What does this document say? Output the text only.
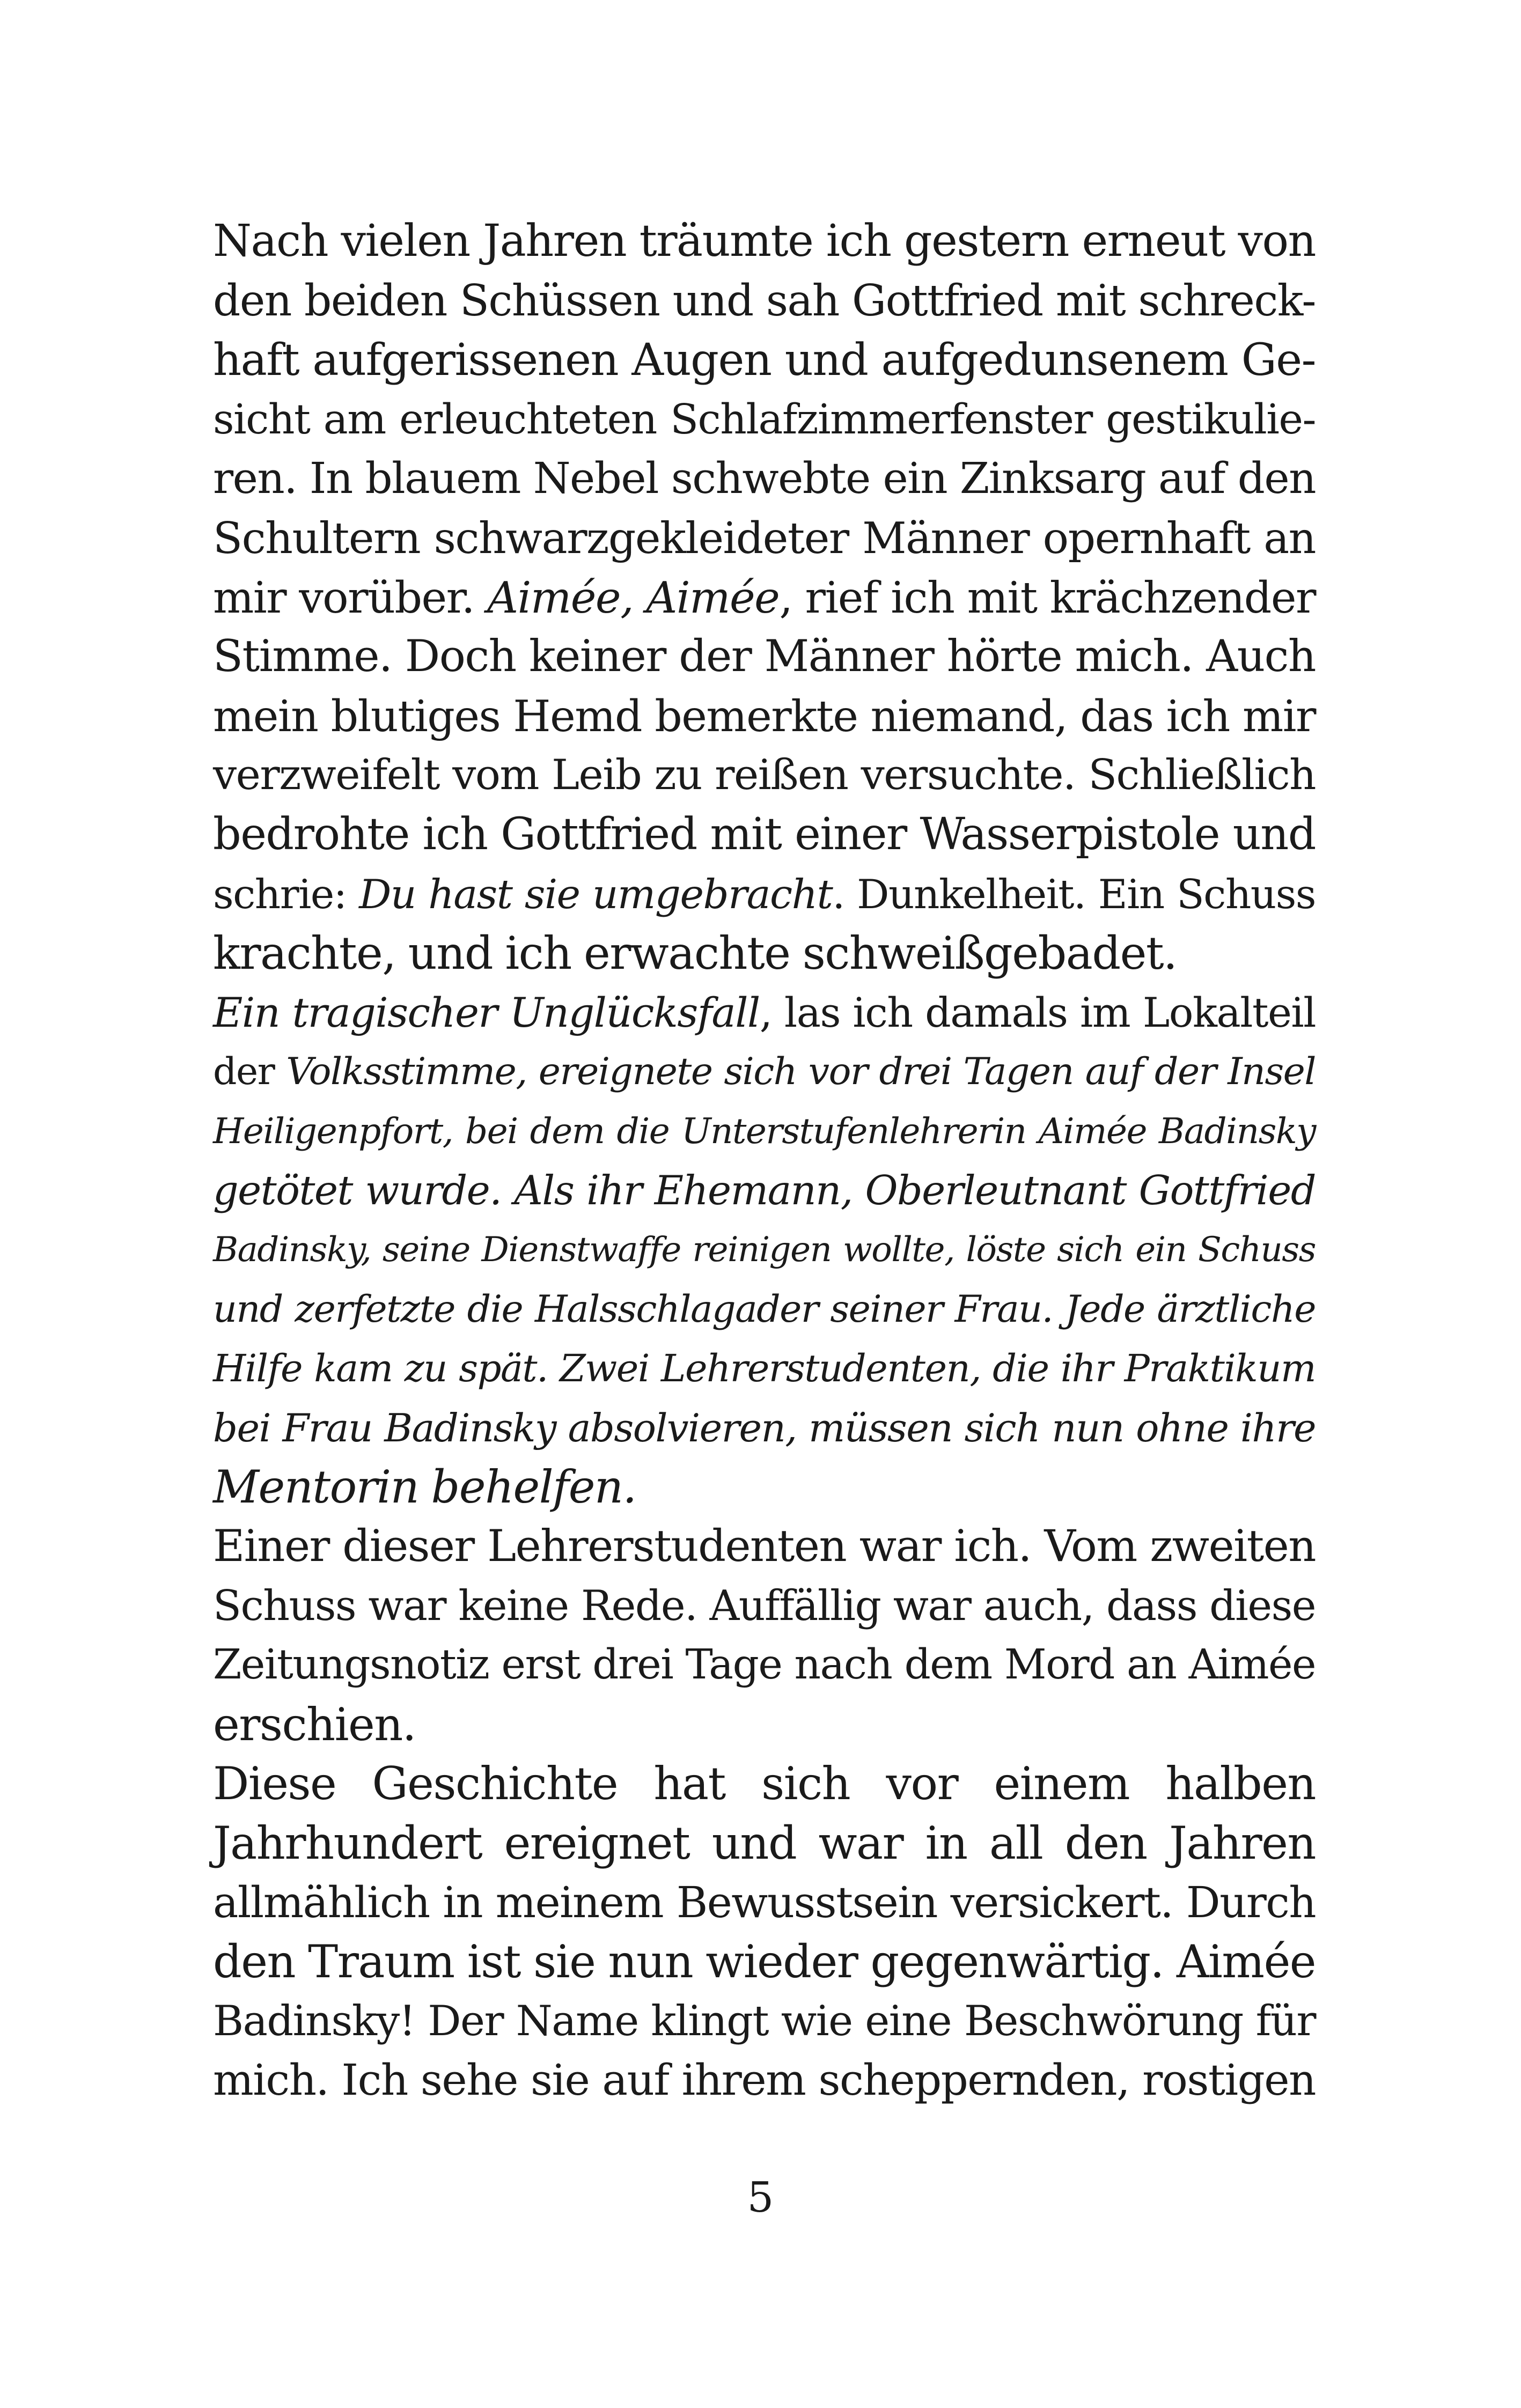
Nach vielen Jahren träumte ich gestern erneut von
den beiden Schüssen und sah Gottfried mit schreck-
haft aufgerissenen Augen und aufgedunsenem Ge-
sicht am erleuchteten Schlafzimmerfenster gestikulie-
ren. In blauem Nebel schwebte ein Zinksarg auf den
Schultern schwarzgekleideter Männer opernhaft an
mir vorüber. Aimée, Aimée, rief ich mit krächzender
Stimme. Doch keiner der Männer hörte mich. Auch
mein blutiges Hemd bemerkte niemand, das ich mir
verzweifelt vom Leib zu reißen versuchte. Schließlich
bedrohte ich Gottfried mit einer Wasserpistole und
schrie: Du hast sie umgebracht. Dunkelheit. Ein Schuss
krachte, und ich erwachte schweißgebadet.
Ein tragischer Unglücksfall, las ich damals im Lokalteil
der Volksstimme, ereignete sich vor drei Tagen auf der Insel
Heiligenpfort, bei dem die Unterstufenlehrerin Aimée Badinsky
getötet wurde. Als ihr Ehemann, Oberleutnant Gottfried
Badinsky, seine Dienstwaffe reinigen wollte, löste sich ein Schuss
und zerfetzte die Halsschlagader seiner Frau. Jede ärztliche
Hilfe kam zu spät. Zwei Lehrerstudenten, die ihr Praktikum
bei Frau Badinsky absolvieren, müssen sich nun ohne ihre
Mentorin behelfen.
Einer dieser Lehrerstudenten war ich. Vom zweiten
Schuss war keine Rede. Auffällig war auch, dass diese
Zeitungsnotiz erst drei Tage nach dem Mord an Aimée
erschien.
Diese Geschichte hat sich vor einem halben
Jahrhundert ereignet und war in all den Jahren
allmählich in meinem Bewusstsein versickert. Durch
den Traum ist sie nun wieder gegenwärtig. Aimée
Badinsky! Der Name klingt wie eine Beschwörung für
mich. Ich sehe sie auf ihrem scheppernden, rostigen
5
